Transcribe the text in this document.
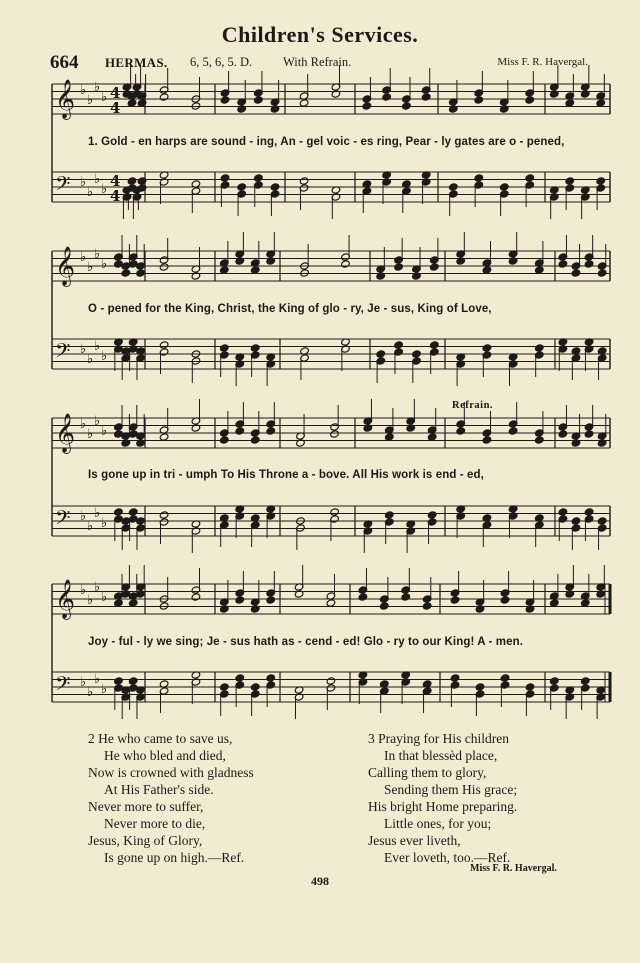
Children's Services.
664 HERMAS. 6, 5, 6, 5. D. With Refrain.	Miss F. R. Havergal.
𝄞 ♭
♭
♭
♭ 4
4
𝄢 ♭
♭
♭
♭ 4
4
𝄞 ♭
♭
♭
♭
𝄢 ♭
♭
♭
♭
𝄞 ♭
♭
♭
♭
𝄢 ♭
♭
♭
♭
𝄞 ♭
♭
♭
♭
𝄢 ♭
♭
♭
♭
1. Gold - en harps are sound - ing, An - gel voic - es ring, Pear - ly gates are o - pened,
O - pened for the King, Christ, the King of glo - ry, Je - sus, King of Love,
Is gone up in tri - umph To His Throne a - bove. All His work is end - ed,
Joy - ful - ly we sing; Je - sus hath as - cend - ed! Glo - ry to our King! A - men.
Refrain.
2 He who came to save us,
He who bled and died,
Now is crowned with gladness
At His Father's side.
Never more to suffer,
Never more to die,
Jesus, King of Glory,
Is gone up on high.—Ref.
3 Praying for His children
In that blessèd place,
Calling them to glory,
Sending them His grace;
His bright Home preparing.
Little ones, for you;
Jesus ever liveth,
Ever loveth, too.—Ref.
Miss F. R. Havergal.
498
